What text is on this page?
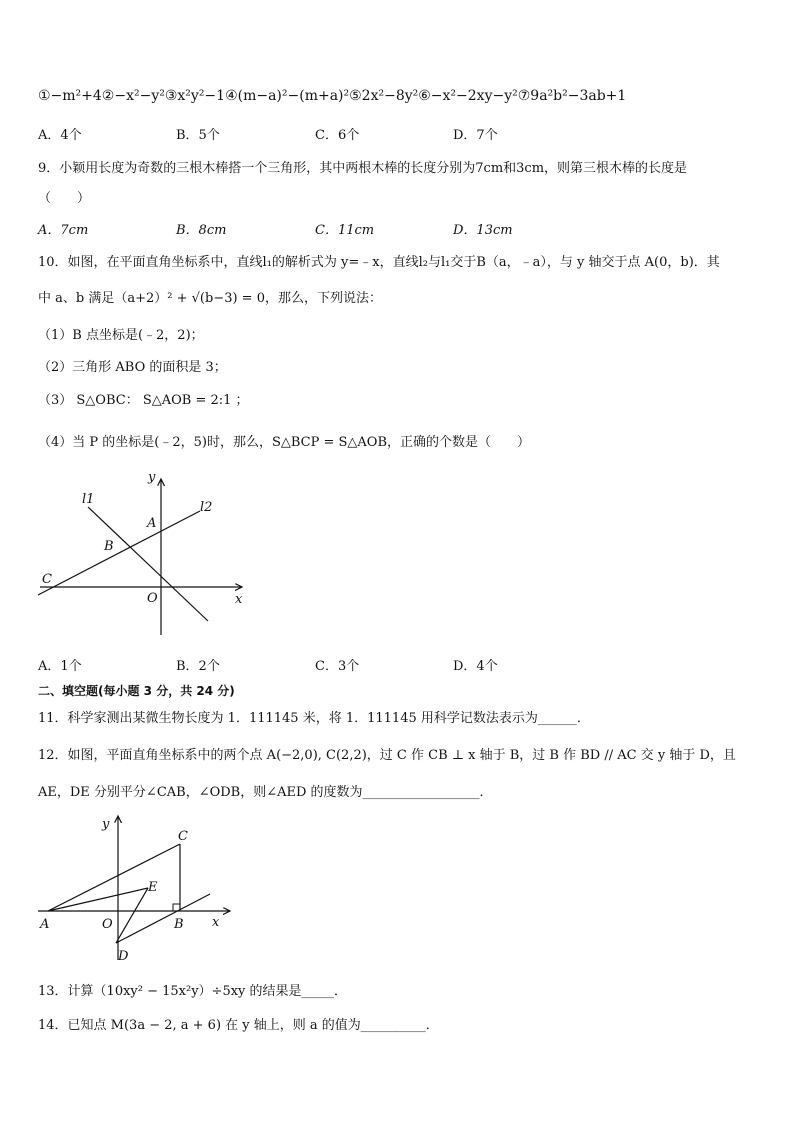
①−m²+4②−x²−y²③x²y²−1④(m−a)²−(m+a)²⑤2x²−8y²⑥−x²−2xy−y²⑦9a²b²−3ab+1
A．4个	B．5个	C．6个	D．7个
9．小颖用长度为奇数的三根木棒搭一个三角形，其中两根木棒的长度分别为7cm和3cm，则第三根木棒的长度是
（　　）
A．7cm	B．8cm	C．11cm	D．13cm
10．如图，在平面直角坐标系中，直线l₁的解析式为 y=﹣x，直线l₂与l₁交于B（a，﹣a），与 y 轴交于点 A(0，b)．其
中 a、b 满足（a+2）² + √(b−3) = 0，那么，下列说法：
（1）B 点坐标是(﹣2，2)；
（2）三角形 ABO 的面积是 3；
（3） S△OBC： S△AOB = 2:1 ；
（4）当 P 的坐标是(﹣2，5)时，那么，S△BCP = S△AOB，正确的个数是（　　）
y
x
O
A
B
C
l1
l2
A．1个	B．2个	C．3个	D．4个
二、填空题(每小题 3 分，共 24 分)
11．科学家测出某微生物长度为 1．111145 米，将 1．111145 用科学记数法表示为______．
12．如图，平面直角坐标系中的两个点 A(−2,0), C(2,2)，过 C 作 CB ⊥ x 轴于 B，过 B 作 BD // AC 交 y 轴于 D，且
AE，DE 分别平分∠CAB，∠ODB，则∠AED 的度数为__________________．
y
x
O
A	B
C
D
E
13．计算（10xy² − 15x²y）÷5xy 的结果是_____．
14．已知点 M(3a − 2, a + 6) 在 y 轴上，则 a 的值为__________．
